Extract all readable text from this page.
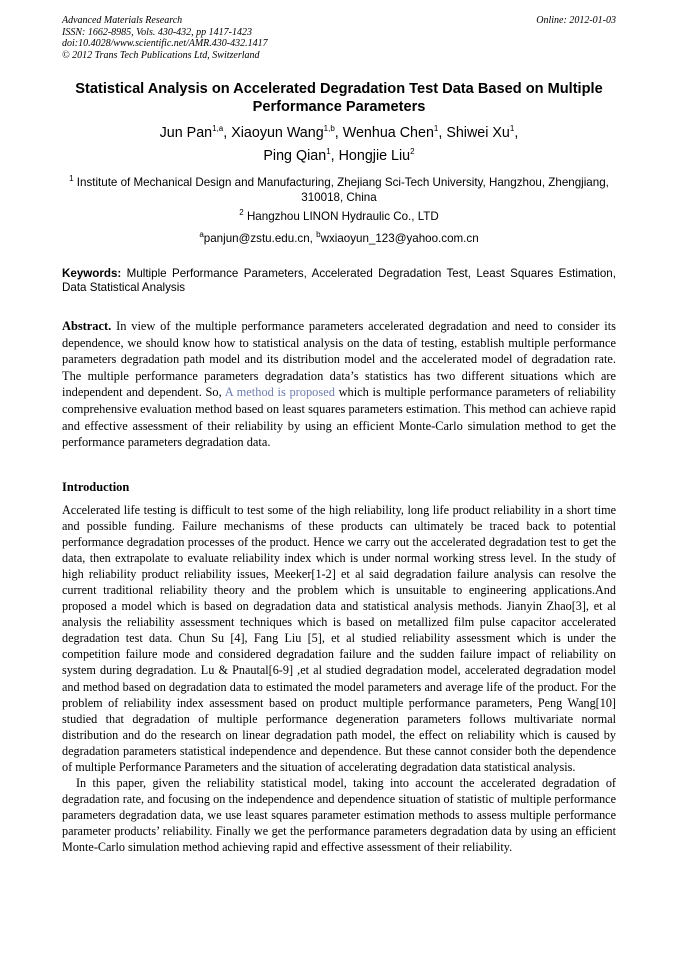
Advanced Materials Research
ISSN: 1662-8985, Vols. 430-432, pp 1417-1423
doi:10.4028/www.scientific.net/AMR.430-432.1417
© 2012 Trans Tech Publications Ltd, Switzerland
Online: 2012-01-03
Statistical Analysis on Accelerated Degradation Test Data Based on Multiple Performance Parameters
Jun Pan$^{1,a}$, Xiaoyun Wang$^{1,b}$, Wenhua Chen$^1$, Shiwei Xu$^1$,
Ping Qian$^1$, Hongjie Liu$^2$
$^1$ Institute of Mechanical Design and Manufacturing, Zhejiang Sci-Tech University, Hangzhou, Zhengjiang, 310018, China
$^2$ Hangzhou LINON Hydraulic Co., LTD
$^a$panjun@zstu.edu.cn, $^b$wxiaoyun_123@yahoo.com.cn
Keywords: Multiple Performance Parameters, Accelerated Degradation Test, Least Squares Estimation, Data Statistical Analysis
Abstract. In view of the multiple performance parameters accelerated degradation and need to consider its dependence, we should know how to statistical analysis on the data of testing, establish multiple performance parameters degradation path model and its distribution model and the accelerated model of degradation rate. The multiple performance parameters degradation data’s statistics has two different situations which are independent and dependent. So, A method is proposed which is multiple performance parameters of reliability comprehensive evaluation method based on least squares parameters estimation. This method can achieve rapid and effective assessment of their reliability by using an efficient Monte-Carlo simulation method to get the performance parameters degradation data.
Introduction

Accelerated life testing is difficult to test some of the high reliability, long life product reliability in a short time and possible funding. Failure mechanisms of these products can ultimately be traced back to potential performance degradation processes of the product. Hence we carry out the accelerated degradation test to get the data, then extrapolate to evaluate reliability index which is under normal working stress level. In the study of high reliability product reliability issues, Meeker[1-2] et al said degradation failure analysis can resolve the current traditional reliability theory and the problem which is unsuitable to engineering applications.And proposed a model which is based on degradation data and statistical analysis methods. Jianyin Zhao[3], et al analysis the reliability assessment techniques which is based on metallized film pulse capacitor accelerated degradation test data. Chun Su [4], Fang Liu [5], et al studied reliability assessment which is under the competition failure mode and considered degradation failure and the sudden failure impact of reliability on system during degradation. Lu & Pnautal[6-9] ,et al studied degradation model, accelerated degradation model and method based on degradation data to estimated the model parameters and average life of the product. For the problem of reliability index assessment based on product multiple performance parameters, Peng Wang[10] studied that degradation of multiple performance degeneration parameters follows multivariate normal distribution and do the research on linear degradation path model, the effect on reliability which is caused by degradation parameters statistical independence and dependence. But these cannot consider both the dependence of multiple Performance Parameters and the situation of accelerating degradation data statistical analysis.

In this paper, given the reliability statistical model, taking into account the accelerated degradation of degradation rate, and focusing on the independence and dependence situation of statistic of multiple performance parameters degradation data, we use least squares parameter estimation methods to assess multiple performance parameter products’ reliability. Finally we get the performance parameters degradation data by using an efficient Monte-Carlo simulation method achieving rapid and effective assessment of their reliability.
